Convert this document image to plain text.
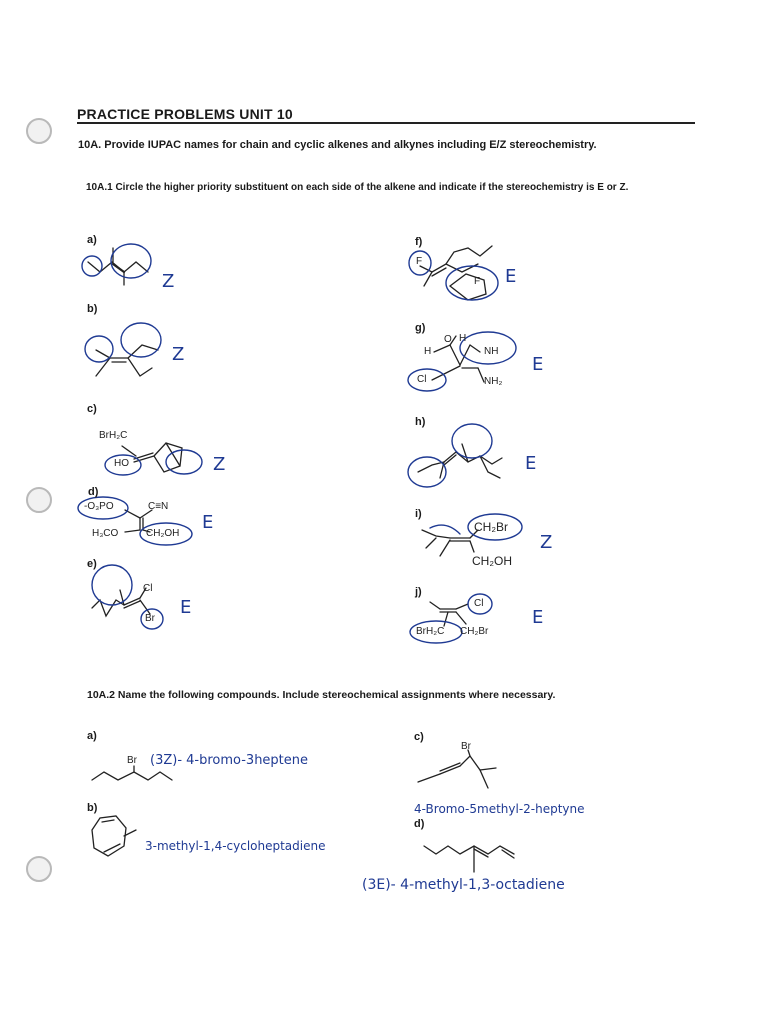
PRACTICE PROBLEMS UNIT 10
10A. Provide IUPAC names for chain and cyclic alkenes and alkynes including E/Z stereochemistry.
10A.1 Circle the higher priority substituent on each side of the alkene and indicate if the stereochemistry is E or Z.
a)
Z
b)
Z
c)
BrH₂C
HO	Z
d)
-O₃PO	C≡N
H₃CO	CH₂OH
E
e)
Cl
Br
E
f)
F
F E
g)
O H
H	NH
Cl	NH₂
E
h)
E
i)
CH₂Br
CH₂OH
Z
j)
Cl
BrH₂C CH₂Br
E
10A.2 Name the following compounds. Include stereochemical assignments where necessary.
a)
Br (3Z)- 4-bromo-3heptene
b)
3-methyl-1,4-cycloheptadiene
c)
Br
4-Bromo-5methyl-2-heptyne
d)
(3E)- 4-methyl-1,3-octadiene
